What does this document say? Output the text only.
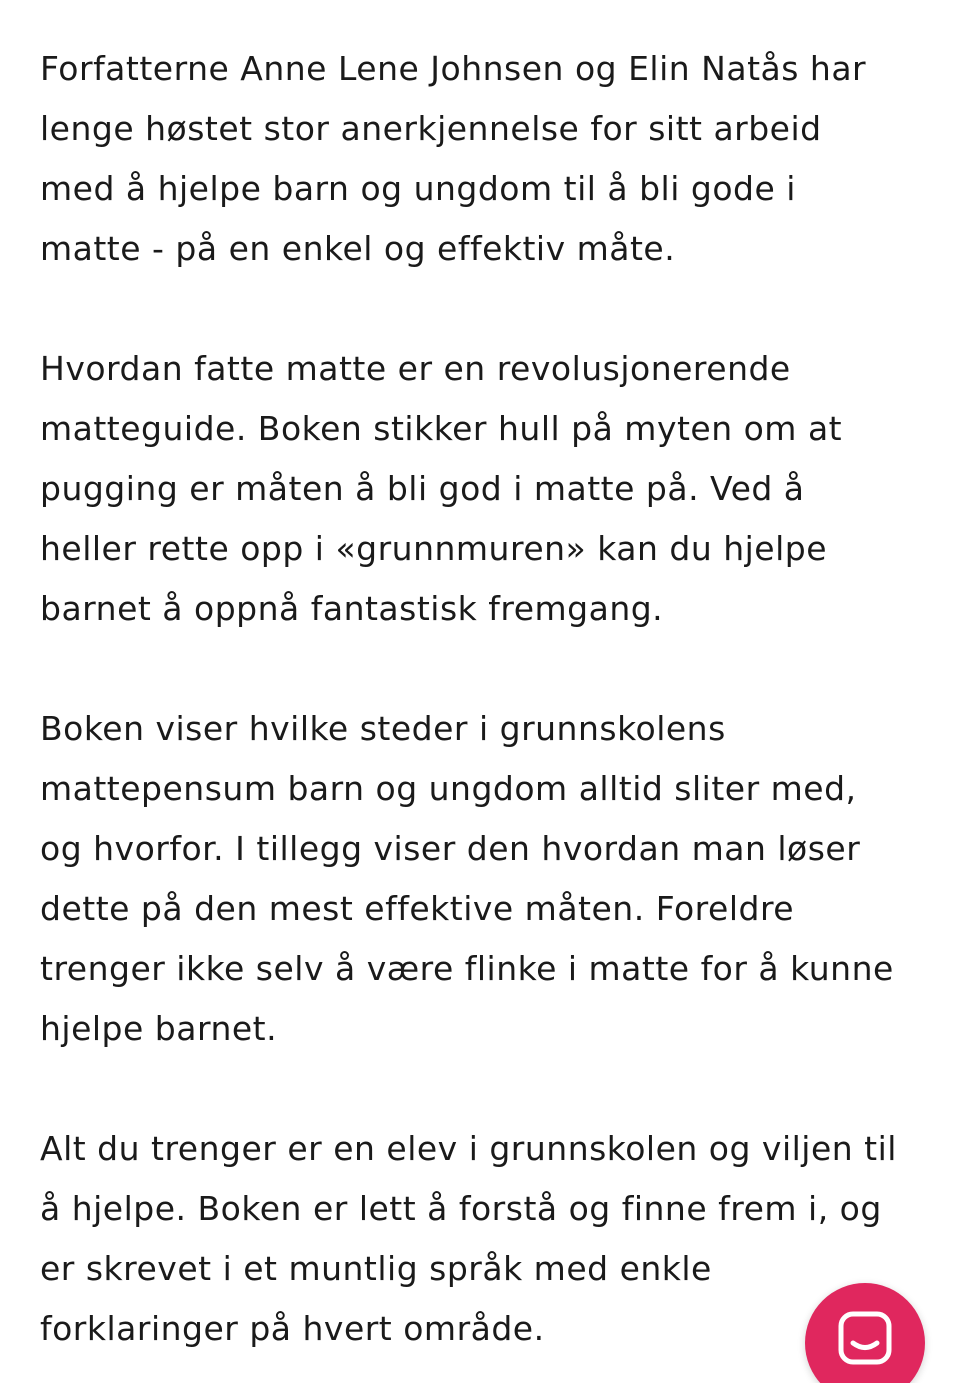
Forfatterne Anne Lene Johnsen og Elin Natås har
lenge høstet stor anerkjennelse for sitt arbeid
med å hjelpe barn og ungdom til å bli gode i
matte - på en enkel og effektiv måte.

Hvordan fatte matte er en revolusjonerende
matteguide. Boken stikker hull på myten om at
pugging er måten å bli god i matte på. Ved å
heller rette opp i «grunnmuren» kan du hjelpe
barnet å oppnå fantastisk fremgang.

Boken viser hvilke steder i grunnskolens
mattepensum barn og ungdom alltid sliter med,
og hvorfor. I tillegg viser den hvordan man løser
dette på den mest effektive måten. Foreldre
trenger ikke selv å være flinke i matte for å kunne
hjelpe barnet.

Alt du trenger er en elev i grunnskolen og viljen til
å hjelpe. Boken er lett å forstå og finne frem i, og
er skrevet i et muntlig språk med enkle
forklaringer på hvert område.
